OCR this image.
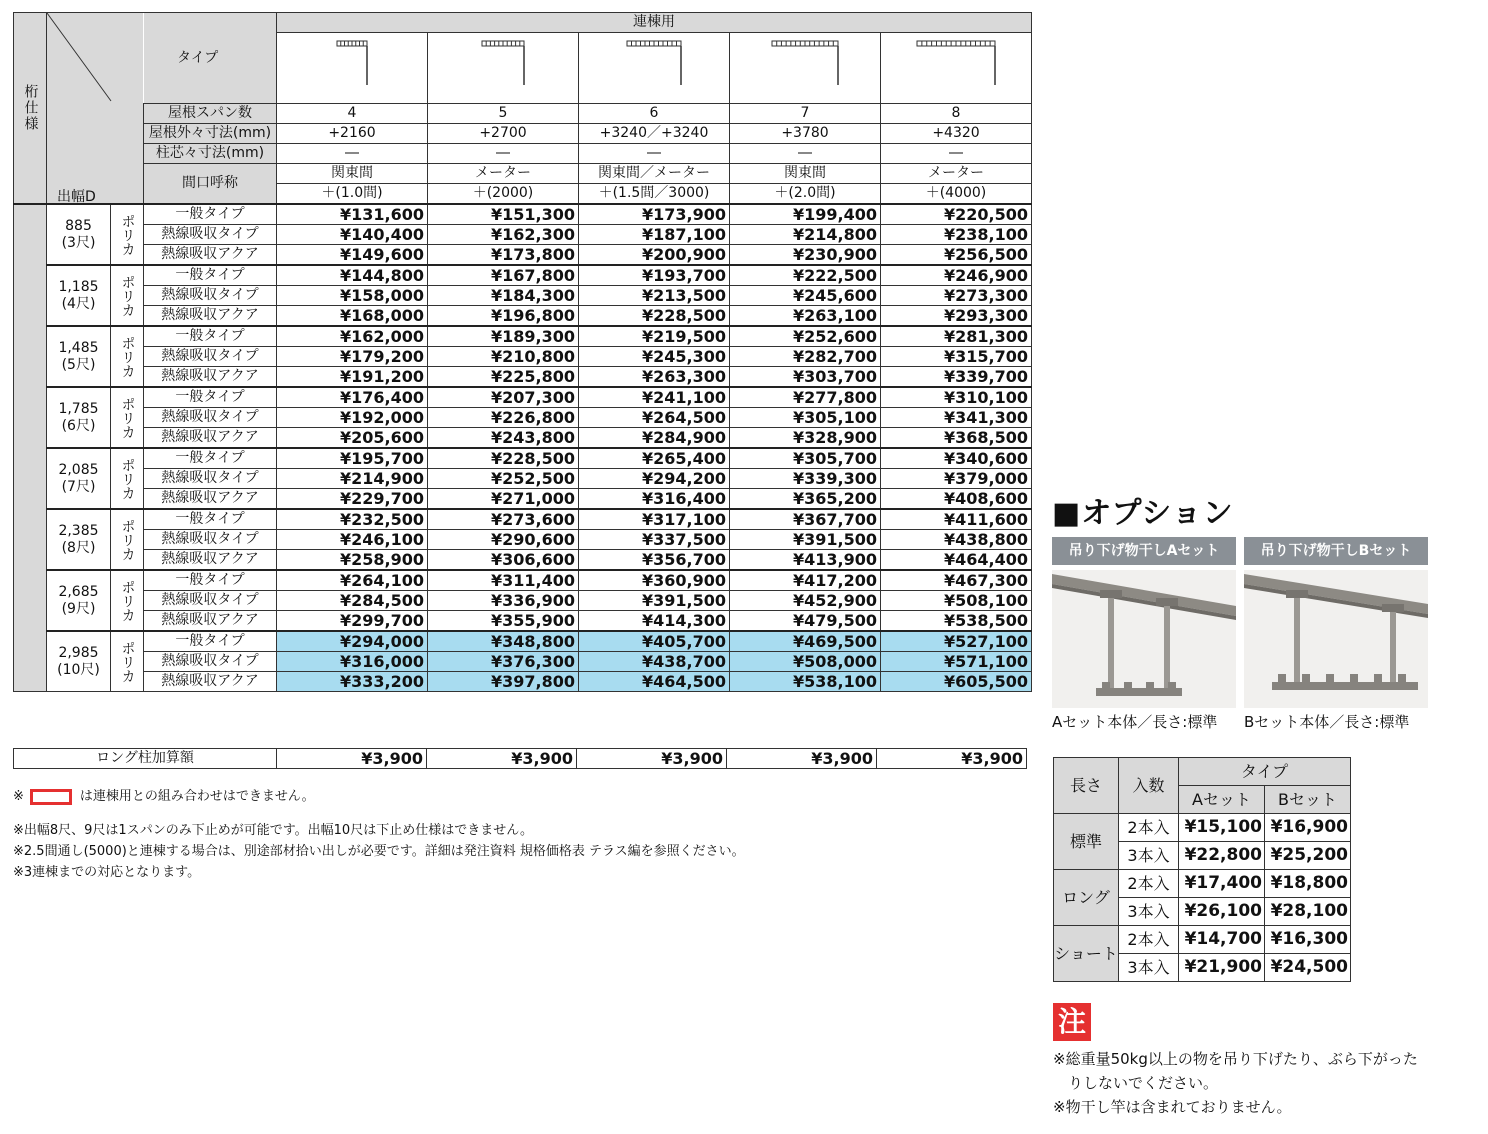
桁仕様	タイプ
出幅D			連棟用				

			屋根スパン数	4	5	6	7	8
			屋根外々寸法(mm)	+2160	+2700	+3240／+3240	+3780	+4320
			柱芯々寸法(mm)	―	―	―	―	―
			間口呼称	関東間	メーター	関東間／メーター	関東間	メーター
				＋(1.0間)	＋(2000)	＋(1.5間／3000)	＋(2.0間)	＋(4000)

	885
(3尺)	ポリカ	一般タイプ	¥131,600	¥151,300	¥173,900	¥199,400	¥220,500
			熱線吸収タイプ	¥140,400	¥162,300	¥187,100	¥214,800	¥238,100
			熱線吸収アクア	¥149,600	¥173,800	¥200,900	¥230,900	¥256,500

	1,185
(4尺)	ポリカ	一般タイプ	¥144,800	¥167,800	¥193,700	¥222,500	¥246,900
			熱線吸収タイプ	¥158,000	¥184,300	¥213,500	¥245,600	¥273,300
			熱線吸収アクア	¥168,000	¥196,800	¥228,500	¥263,100	¥293,300

	1,485
(5尺)	ポリカ	一般タイプ	¥162,000	¥189,300	¥219,500	¥252,600	¥281,300
			熱線吸収タイプ	¥179,200	¥210,800	¥245,300	¥282,700	¥315,700
			熱線吸収アクア	¥191,200	¥225,800	¥263,300	¥303,700	¥339,700

	1,785
(6尺)	ポリカ	一般タイプ	¥176,400	¥207,300	¥241,100	¥277,800	¥310,100
			熱線吸収タイプ	¥192,000	¥226,800	¥264,500	¥305,100	¥341,300
			熱線吸収アクア	¥205,600	¥243,800	¥284,900	¥328,900	¥368,500

	2,085
(7尺)	ポリカ	一般タイプ	¥195,700	¥228,500	¥265,400	¥305,700	¥340,600
			熱線吸収タイプ	¥214,900	¥252,500	¥294,200	¥339,300	¥379,000
			熱線吸収アクア	¥229,700	¥271,000	¥316,400	¥365,200	¥408,600

	2,385
(8尺)	ポリカ	一般タイプ	¥232,500	¥273,600	¥317,100	¥367,700	¥411,600
			熱線吸収タイプ	¥246,100	¥290,600	¥337,500	¥391,500	¥438,800
			熱線吸収アクア	¥258,900	¥306,600	¥356,700	¥413,900	¥464,400

	2,685
(9尺)	ポリカ	一般タイプ	¥264,100	¥311,400	¥360,900	¥417,200	¥467,300
			熱線吸収タイプ	¥284,500	¥336,900	¥391,500	¥452,900	¥508,100
			熱線吸収アクア	¥299,700	¥355,900	¥414,300	¥479,500	¥538,500

	2,985
(10尺)	ポリカ	一般タイプ	¥294,000	¥348,800	¥405,700	¥469,500	¥527,100
			熱線吸収タイプ	¥316,000	¥376,300	¥438,700	¥508,000	¥571,100
			熱線吸収アクア	¥333,200	¥397,800	¥464,500	¥538,100	¥605,500
ロング柱加算額	¥3,900	¥3,900	¥3,900	¥3,900	¥3,900
※	は連棟用との組み合わせはできません。
※出幅8尺、9尺は1スパンのみ下止めが可能です。出幅10尺は下止め仕様はできません。
※2.5間通し(5000)と連棟する場合は、別途部材拾い出しが必要です。詳細は発注資料 規格価格表 テラス編を参照ください。
※3連棟までの対応となります。
■オプション
吊り下げ物干しAセット	吊り下げ物干しBセット
Aセット本体／長さ:標準 Bセット本体／長さ:標準
長さ	入数	タイプ	
		Aセット	Bセット
標準	2本入	¥15,100	¥16,900
	3本入	¥22,800	¥25,200
ロング	2本入	¥17,400	¥18,800
	3本入	¥26,100	¥28,100
ショート	2本入	¥14,700	¥16,300
	3本入	¥21,900	¥24,500
注
※総重量50kg以上の物を吊り下げたり、ぶら下がった
　りしないでください。
※物干し竿は含まれておりません。
